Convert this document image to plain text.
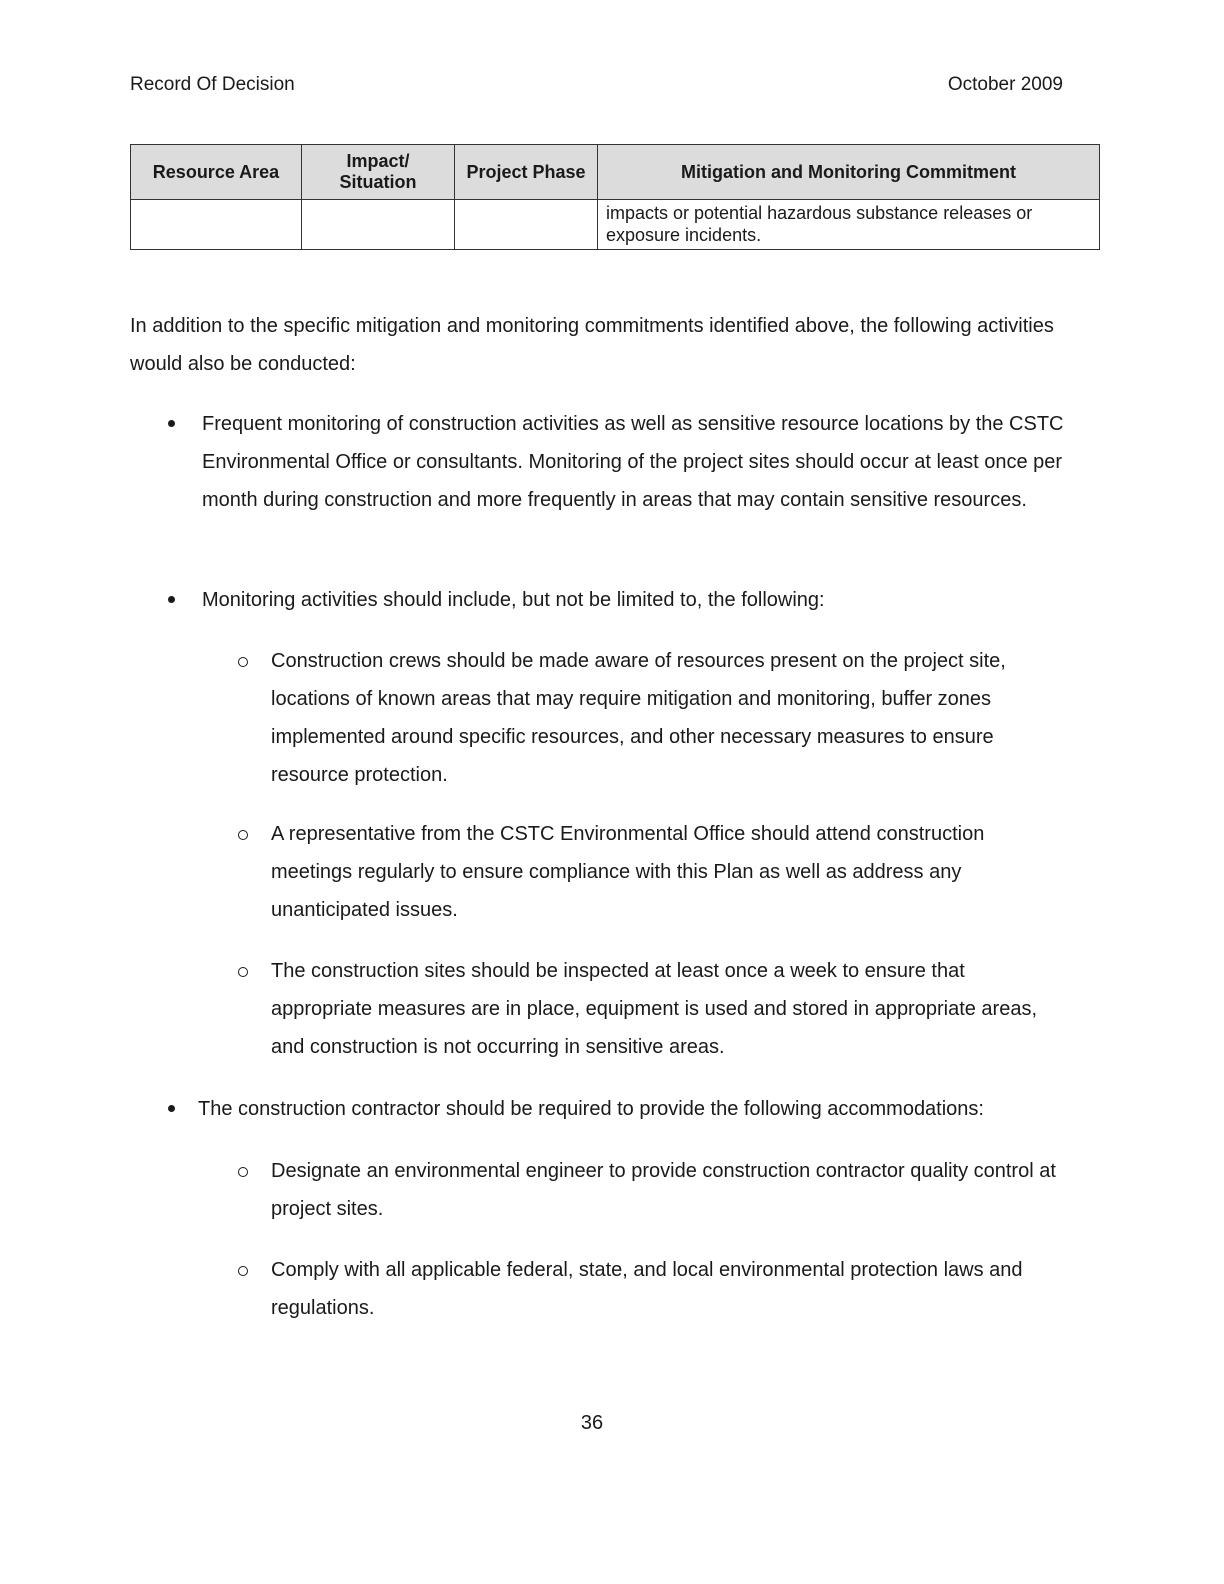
Record Of Decision	October 2009
Resource Area	Impact/ Situation	Project Phase	Mitigation and Monitoring Commitment
			impacts or potential hazardous substance releases or exposure incidents.

In addition to the specific mitigation and monitoring commitments identified above, the following activities would also be conducted:

Frequent monitoring of construction activities as well as sensitive resource locations by the CSTC Environmental Office or consultants. Monitoring of the project sites should occur at least once per month during construction and more frequently in areas that may contain sensitive resources.
Monitoring activities should include, but not be limited to, the following:
Construction crews should be made aware of resources present on the project site, locations of known areas that may require mitigation and monitoring, buffer zones implemented around specific resources, and other necessary measures to ensure resource protection.
A representative from the CSTC Environmental Office should attend construction meetings regularly to ensure compliance with this Plan as well as address any unanticipated issues.
The construction sites should be inspected at least once a week to ensure that appropriate measures are in place, equipment is used and stored in appropriate areas, and construction is not occurring in sensitive areas.
The construction contractor should be required to provide the following accommodations:
Designate an environmental engineer to provide construction contractor quality control at project sites.
Comply with all applicable federal, state, and local environmental protection laws and regulations.
36
